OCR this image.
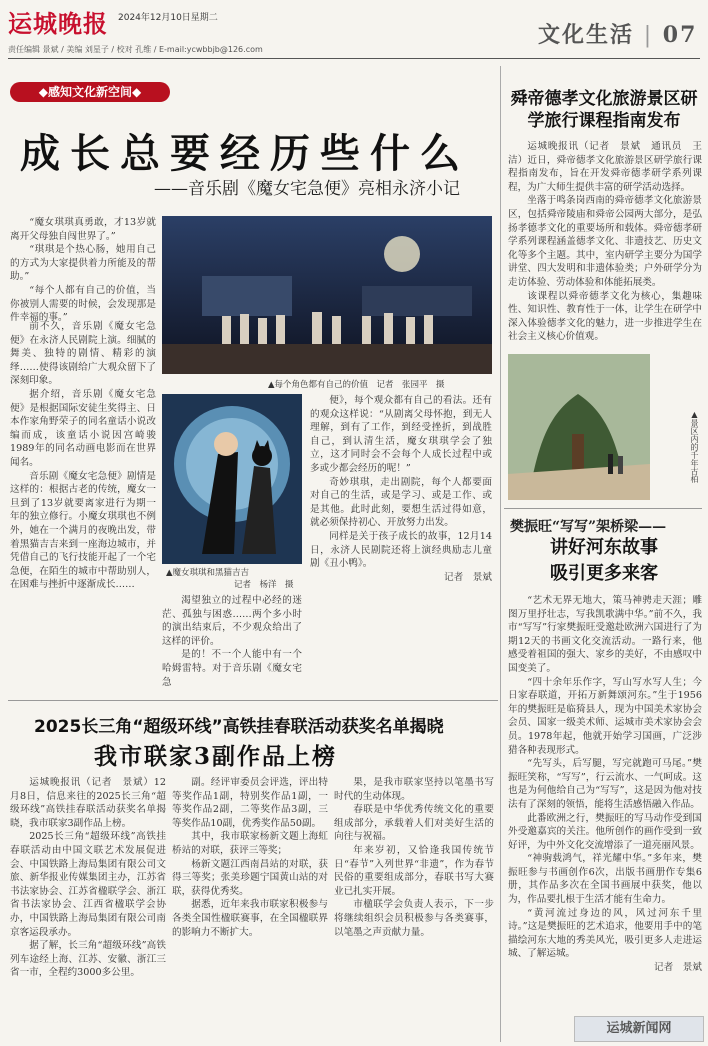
运城晚报 2024年12月10日星期二
责任编辑 景斌 / 美编 刘星子 / 校对 孔维 / E-mail:ycwbbjb@126.com
文化生活 | 07
◆感知文化新空间◆
成长总要经历些什么
——音乐剧《魔女宅急便》亮相永济小记

“魔女琪琪真勇敢，才13岁就离开父母独自闯世界了。”

“琪琪是个热心肠，她用自己的方式为大家提供着力所能及的帮助。”

“每个人都有自己的价值，当你被别人需要的时候，会发现那是件幸福的事。”

前不久，音乐剧《魔女宅急便》在永济人民剧院上演。细腻的舞美、独特的剧情、精彩的演绎……使得该剧给广大观众留下了深刻印象。

据介绍，音乐剧《魔女宅急便》是根据国际安徒生奖得主、日本作家角野荣子的同名童话小说改编而成，该童话小说因宫崎骏1989年的同名动画电影而在世界闻名。

音乐剧《魔女宅急便》剧情是这样的：根据古老的传统，魔女一旦到了13岁就要离家进行为期一年的独立修行。小魔女琪琪也不例外，她在一个满月的夜晚出发，带着黑猫吉吉来到一座海边城市，并凭借自己的飞行技能开起了一个宅急便，在陌生的城市中帮助别人，在困难与挫折中逐渐成长……

▲每个角色都有自己的价值　记者　张园平　摄
▲魔女琪琪和黑猫吉吉
记者　杨洋　摄

渴望独立的过程中必经的迷茫、孤独与困惑……两个多小时的演出结束后，不少观众给出了这样的评价。

是的！不一个人能中有一个哈姆雷特。对于音乐剧《魔女宅急

便》，每个观众都有自己的看法。还有的观众这样说：“从剧离父母怀抱，到无人理解，到有了工作，到经受挫折，到战胜自己，到认清生活，魔女琪琪学会了独立，这才同时会不会每个人成长过程中或多或少都会经历的呢！”

奇妙琪琪，走出剧院，每个人都要面对自己的生活，或是学习、或是工作、或是其他。此时此刻，要想生活过得如意，就必须保持初心、开放努力出发。

同样是关于孩子成长的故事，12月14日，永济人民剧院还将上演经典励志儿童剧《丑小鸭》。

记者　景斌

2025长三角“超级环线”高铁挂春联活动获奖名单揭晓
我市联家3副作品上榜

运城晚报讯（记者　景斌）12月8日，信息来往的2025长三角“超级环线”高铁挂春联活动获奖名单揭晓，我市联家3副作品上榜。

2025长三角“超级环线”高铁挂春联活动由中国文联艺术发展促进会、中国铁路上海局集团有限公司文旅、新华报业传媒集团主办，江苏省书法家协会、江苏省楹联学会、浙江省书法家协会、江西省楹联学会协办，中国铁路上海局集团有限公司南京客运段承办。

据了解，长三角“超级环线”高铁列车途经上海、江苏、安徽、浙江三省一市，全程约3000多公里。

副。经评审委员会评选，评出特等奖作品1副，特别奖作品1副，一等奖作品2副，二等奖作品3副，三等奖作品10副，优秀奖作品50副。

其中，我市联家杨新文题上海虹桥站的对联，获评三等奖；

杨新文题江西南昌站的对联，获得三等奖；张美珍题宁国黄山站的对联，获得优秀奖。

据悉，近年来我市联家积极参与各类全国性楹联赛事，在全国楹联界的影响力不断扩大。

果，是我市联家坚持以笔墨书写时代的生动体现。

春联是中华优秀传统文化的重要组成部分，承载着人们对美好生活的向往与祝福。

年来岁初，又恰逢我国传统节日“春节”入列世界“非遗”，作为春节民俗的重要组成部分，春联书写大赛业已扎实开展。

市楹联学会负责人表示，下一步将继续组织会员积极参与各类赛事，以笔墨之声贡献力量。

舜帝德孝文化旅游景区研学旅行课程指南发布

运城晚报讯（记者　景斌　通讯员　王洁）近日，舜帝德孝文化旅游景区研学旅行课程指南发布，旨在开发舜帝德孝研学系列课程，为广大师生提供丰富的研学活动选择。

坐落于鸣条岗西南的舜帝德孝文化旅游景区，包括舜帝陵庙和舜帝公园两大部分，是弘扬孝德孝文化的重要场所和载体。舜帝德孝研学系列课程涵盖德孝文化、非遗技艺、历史文化等多个主题。其中，室内研学主要分为国学讲堂、四大发明和非遗体验类；户外研学分为走访体验、劳动体验和体能拓展类。

该课程以舜帝德孝文化为核心，集趣味性、知识性、教育性于一体，让学生在研学中深入体验德孝文化的魅力，进一步推进学生在社会主义核心价值观。

▲景区内的千年古柏
樊振旺“写写”架桥梁——
讲好河东故事
吸引更多来客

“艺术无界无地大，策马神骋走天涯；雕图万里抒壮志，写我凯歌满中华。”前不久，我市“写写”行家樊振旺受邀赴欧洲六国进行了为期12天的书画文化交流活动。一路行来，他感受着祖国的强大、家乡的美好，不由感叹中国变美了。

“四十余年乐作字，写山写水写人生；今日家春联道，开拓万新舞颂河东。”生于1956年的樊振旺是临猗县人，现为中国美术家协会会员、国家一级美术师、运城市美术家协会会员。1978年起，他就开始学习国画，广泛涉猎各种表现形式。

“先写头，后写腿，写完就跑可马尾。”樊振旺笑称，“写写”，行云流水、一气呵成。这也是为何他给自己为“写写”，这是因为他对技法有了深刻的领悟，能将生活感悟融入作品。

此番欧洲之行，樊振旺的写马动作受到国外受邀嘉宾的关注。他所创作的画作受到一致好评，为中外文化交流增添了一道亮丽风景。

“神驹载鸿气，祥光耀中华。”多年来，樊振旺参与书画创作6次，出版书画册作专集6册，其作品多次在全国书画展中获奖，他以为，作品要扎根于生活才能有生命力。

“黄河流过身边的风，风过河东千里诗。”这是樊振旺的艺术追求，他要用手中的笔描绘河东大地的秀美风光，吸引更多人走进运城、了解运城。

记者　景斌

运城新闻网
